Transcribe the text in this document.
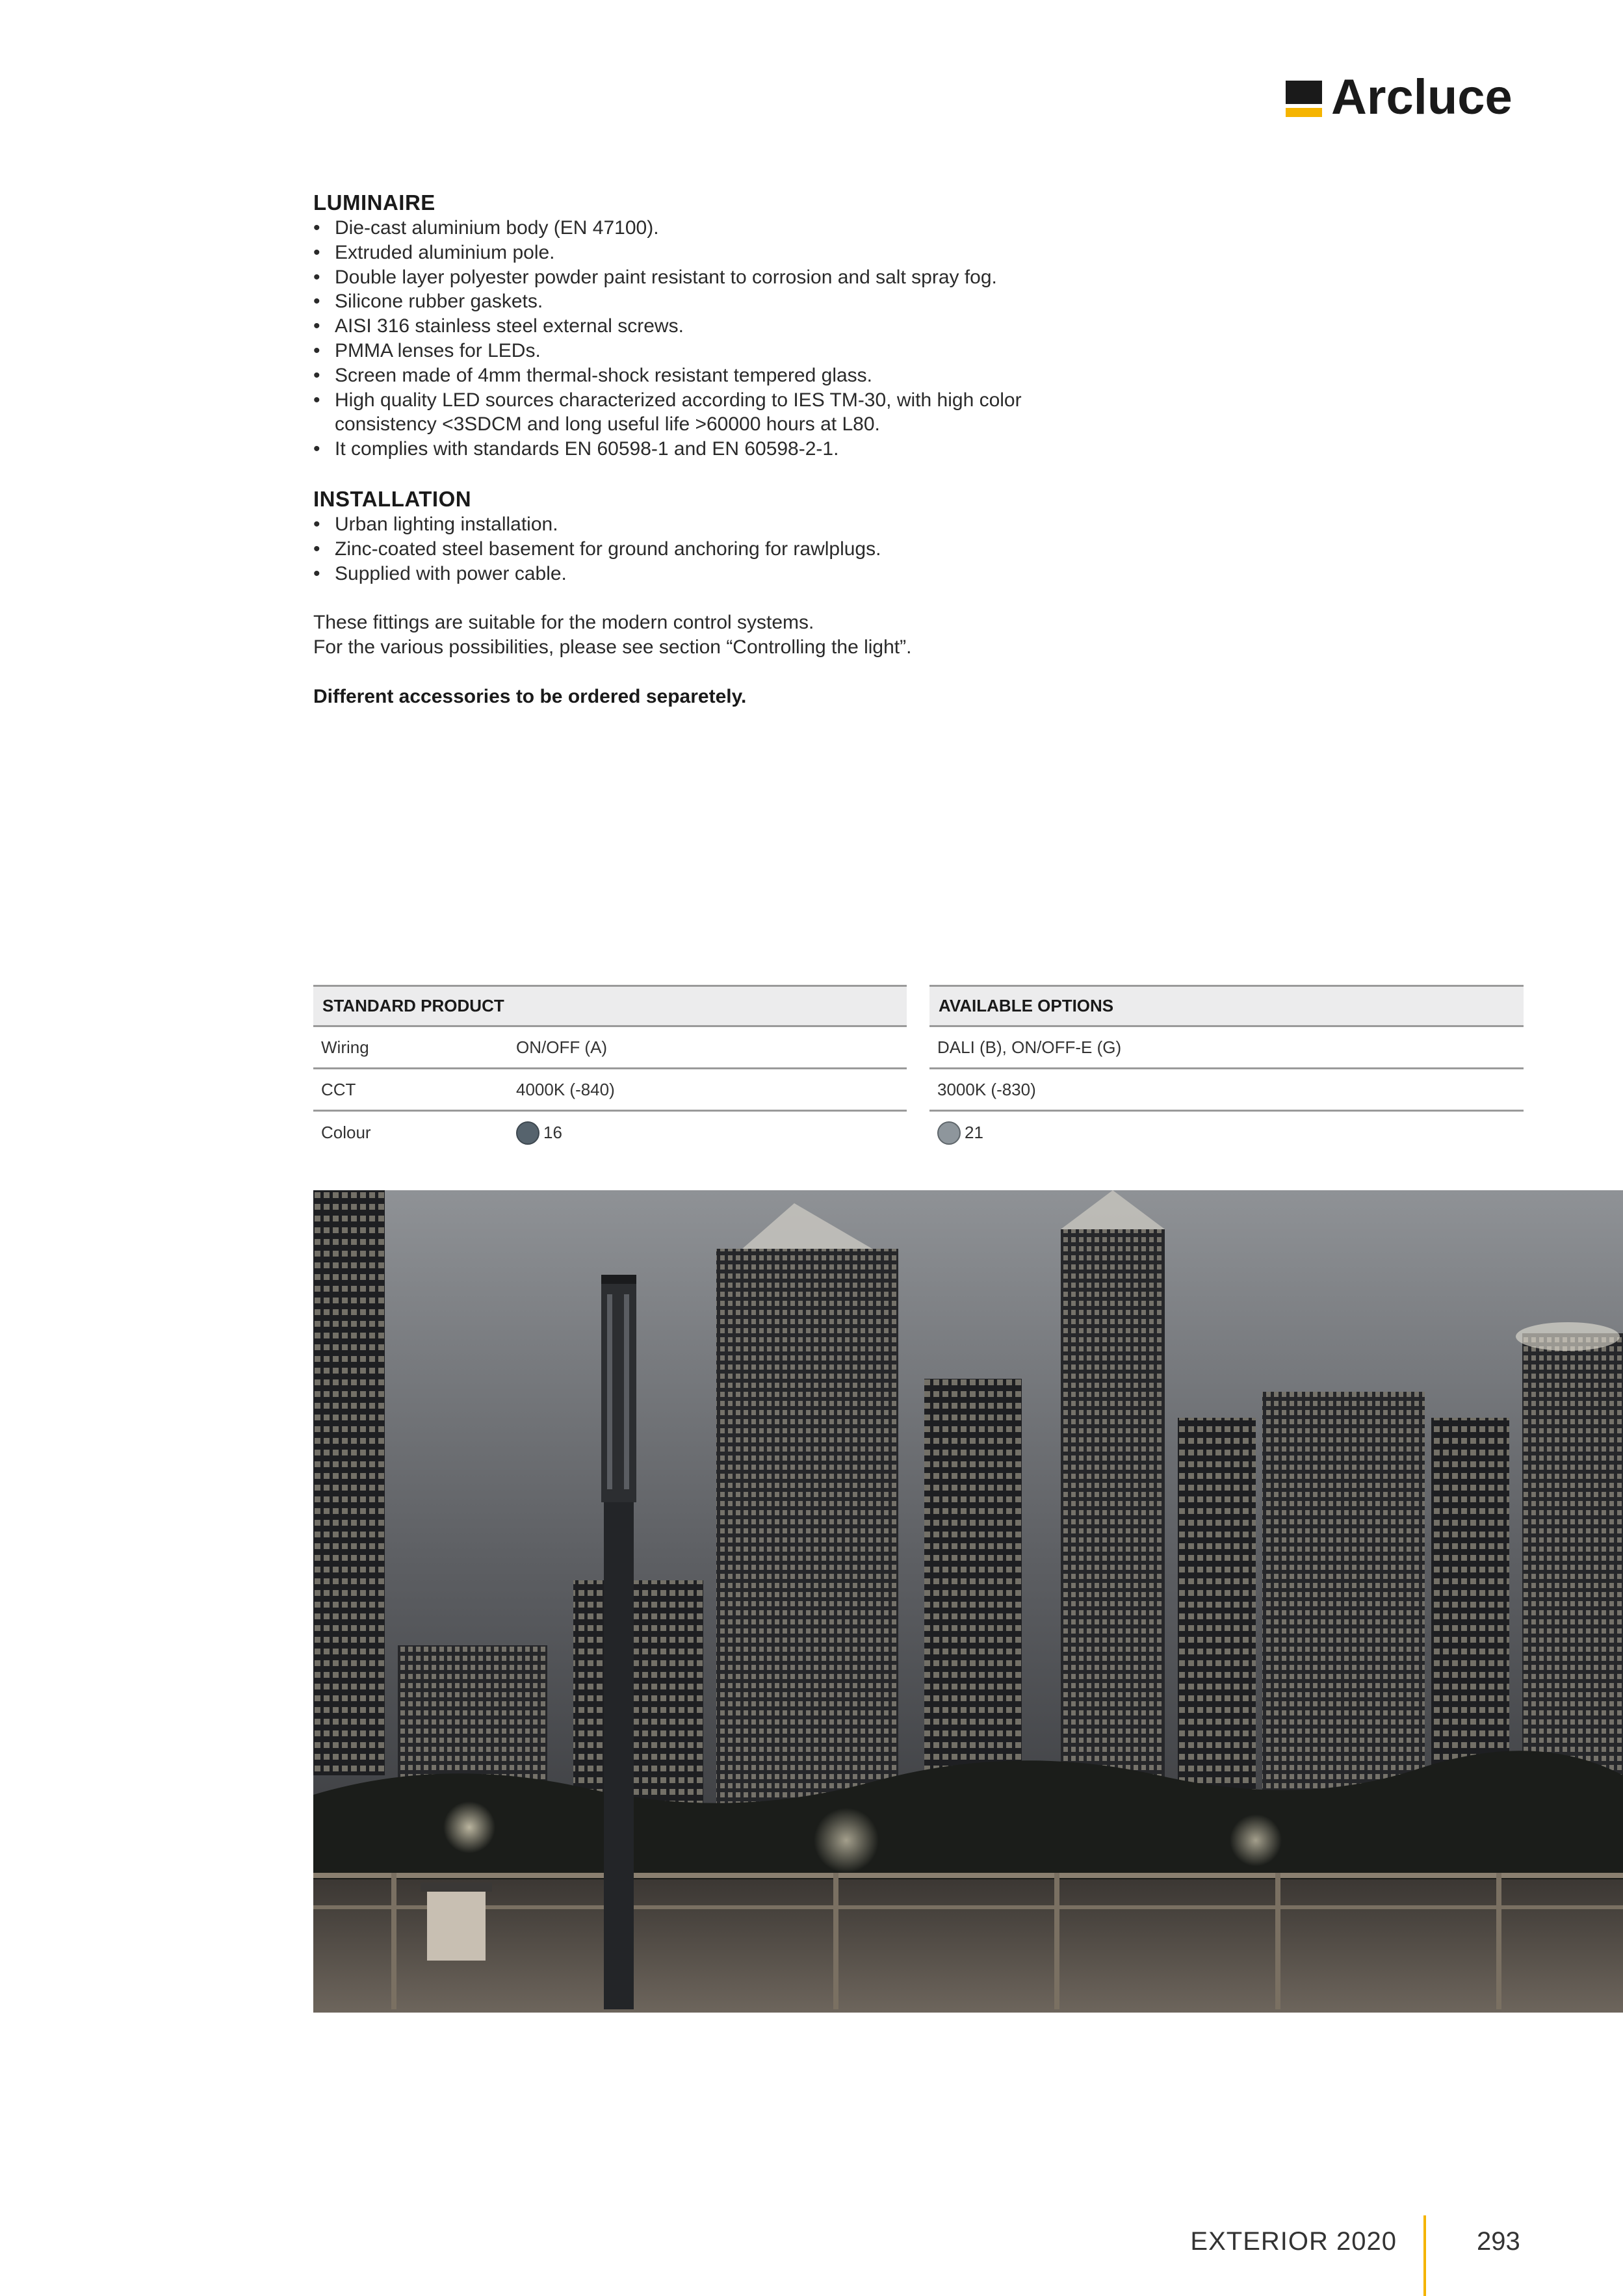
Arcluce
LUMINAIRE
• Die-cast aluminium body (EN 47100).
• Extruded aluminium pole.
• Double layer polyester powder paint resistant to corrosion and salt spray fog.
• Silicone rubber gaskets.
• AISI 316 stainless steel external screws.
• PMMA lenses for LEDs.
• Screen made of 4mm thermal-shock resistant tempered glass.
• High quality LED sources characterized according to IES TM-30, with high color consistency <3SDCM and long useful life >60000 hours at L80.
• It complies with standards EN 60598-1 and EN 60598-2-1.
INSTALLATION
• Urban lighting installation.
• Zinc-coated steel basement for ground anchoring for rawlplugs.
• Supplied with power cable.

These fittings are suitable for the modern control systems.

For the various possibilities, please see section “Controlling the light”.

Different accessories to be ordered separetely.

STANDARD PRODUCT
Wiring	ON/OFF (A)
CCT	4000K (-840)
Colour	16
AVAILABLE OPTIONS
DALI (B), ON/OFF-E (G)
3000K (-830)
21
EXTERIOR 2020	293
